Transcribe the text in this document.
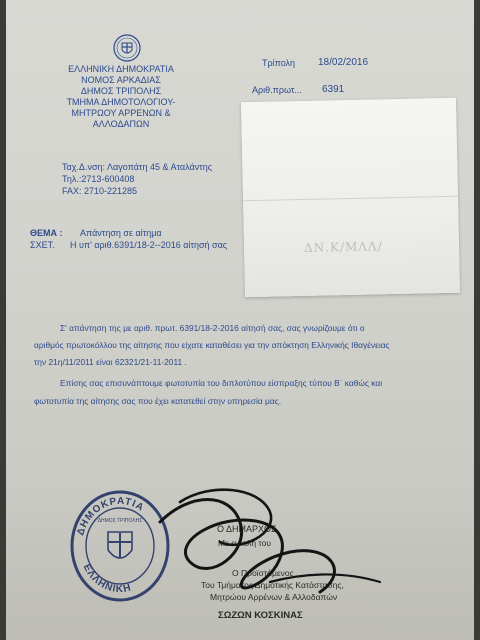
ΕΛΛΗΝΙΚΗ ΔΗΜΟΚΡΑΤΙΑ
ΝΟΜΟΣ ΑΡΚΑΔΙΑΣ
ΔΗΜΟΣ ΤΡΙΠΟΛΗΣ
ΤΜΗΜΑ ΔΗΜΟΤΟΛΟΓΙΟΥ-
ΜΗΤΡΩΟΥ ΑΡΡΕΝΩΝ &
ΑΛΛΟΔΑΠΩΝ
Τρίπολη 18/02/2016
Αριθ.πρωτ... 6391
Ταχ.Δ.νση: Λαγοπάτη 45 & Αταλάντης
Τηλ.:2713-600408
FAX: 2710-221285
ΘΕΜΑ : Απάντηση σε αίτημα
ΣΧΕΤ. Η υπ' αριθ.6391/18-2--2016 αίτησή σας
Σ' απάντηση της με αριθ. πρωτ. 6391/18-2-2016 αίτησή σας, σας γνωρίζουμε ότι ο
αριθμός πρωτοκόλλου της αίτησης που είχατε καταθέσει για την απόκτηση Ελληνικής Ιθαγένειας
την 21η/11/2011 είναι 62321/21-11-2011 .
Επίσης σας επισυνάπτουμε φωτοτυπία του διπλοτύπου είσπραξης τύπου Β΄ καθώς και
φωτοτυπία της αίτησης σας που έχει κατατεθεί στην υπηρεσία μας.
Ο ΔΗΜΑΡΧΟΣ
Με εντολή του
Ο Προϊστάμενος
Του Τμήματος Δημοτικής Κατάστασης,
Μητρώου Αρρένων & Αλλοδαπών
ΣΩΖΩΝ ΚΟΣΚΙΝΑΣ
ΔΝ.Κ/ΜΛΛ/
ΔΗΜΟΚΡΑΤΙΑ
ΕΛΛΗΝΙΚΗ
ΔΗΜΟΣ ΤΡΙΠΟΛΗΣ
